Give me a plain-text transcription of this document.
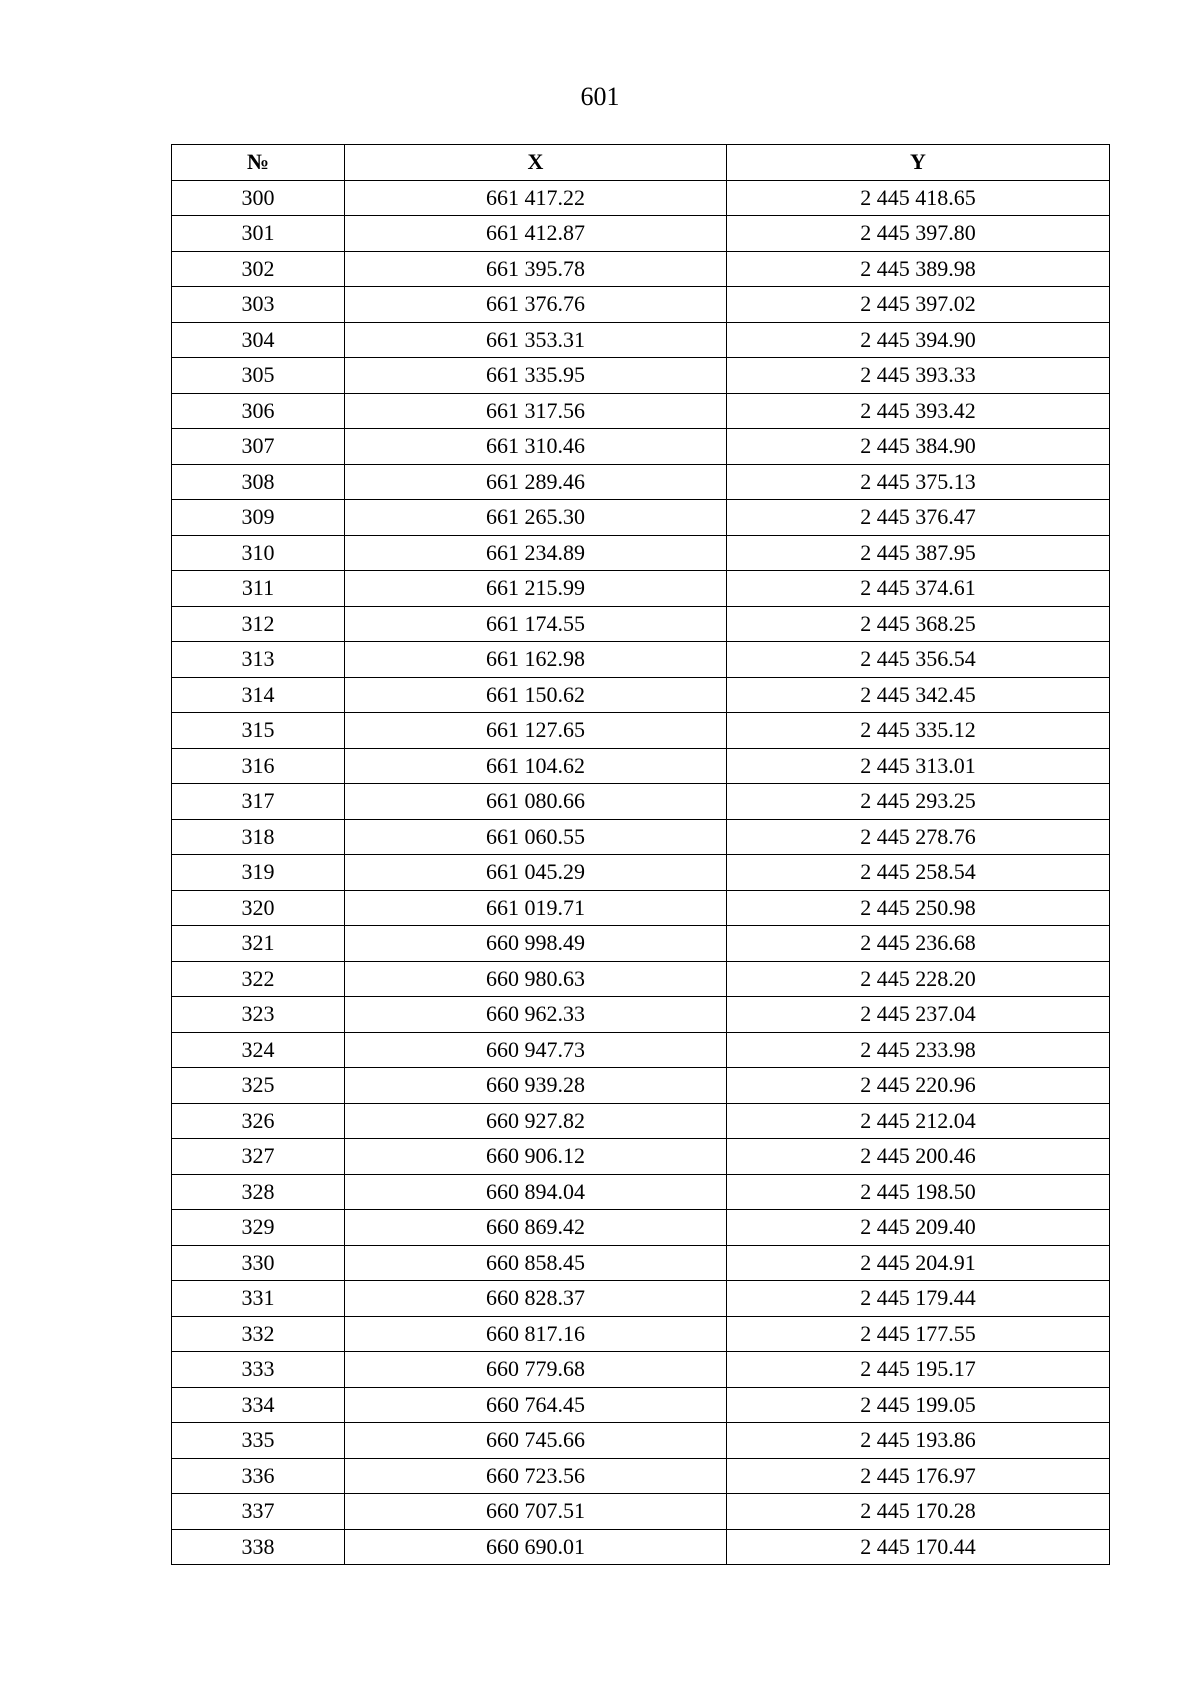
601
№	X	Y
300	661 417.22	2 445 418.65
301	661 412.87	2 445 397.80
302	661 395.78	2 445 389.98
303	661 376.76	2 445 397.02
304	661 353.31	2 445 394.90
305	661 335.95	2 445 393.33
306	661 317.56	2 445 393.42
307	661 310.46	2 445 384.90
308	661 289.46	2 445 375.13
309	661 265.30	2 445 376.47
310	661 234.89	2 445 387.95
311	661 215.99	2 445 374.61
312	661 174.55	2 445 368.25
313	661 162.98	2 445 356.54
314	661 150.62	2 445 342.45
315	661 127.65	2 445 335.12
316	661 104.62	2 445 313.01
317	661 080.66	2 445 293.25
318	661 060.55	2 445 278.76
319	661 045.29	2 445 258.54
320	661 019.71	2 445 250.98
321	660 998.49	2 445 236.68
322	660 980.63	2 445 228.20
323	660 962.33	2 445 237.04
324	660 947.73	2 445 233.98
325	660 939.28	2 445 220.96
326	660 927.82	2 445 212.04
327	660 906.12	2 445 200.46
328	660 894.04	2 445 198.50
329	660 869.42	2 445 209.40
330	660 858.45	2 445 204.91
331	660 828.37	2 445 179.44
332	660 817.16	2 445 177.55
333	660 779.68	2 445 195.17
334	660 764.45	2 445 199.05
335	660 745.66	2 445 193.86
336	660 723.56	2 445 176.97
337	660 707.51	2 445 170.28
338	660 690.01	2 445 170.44
